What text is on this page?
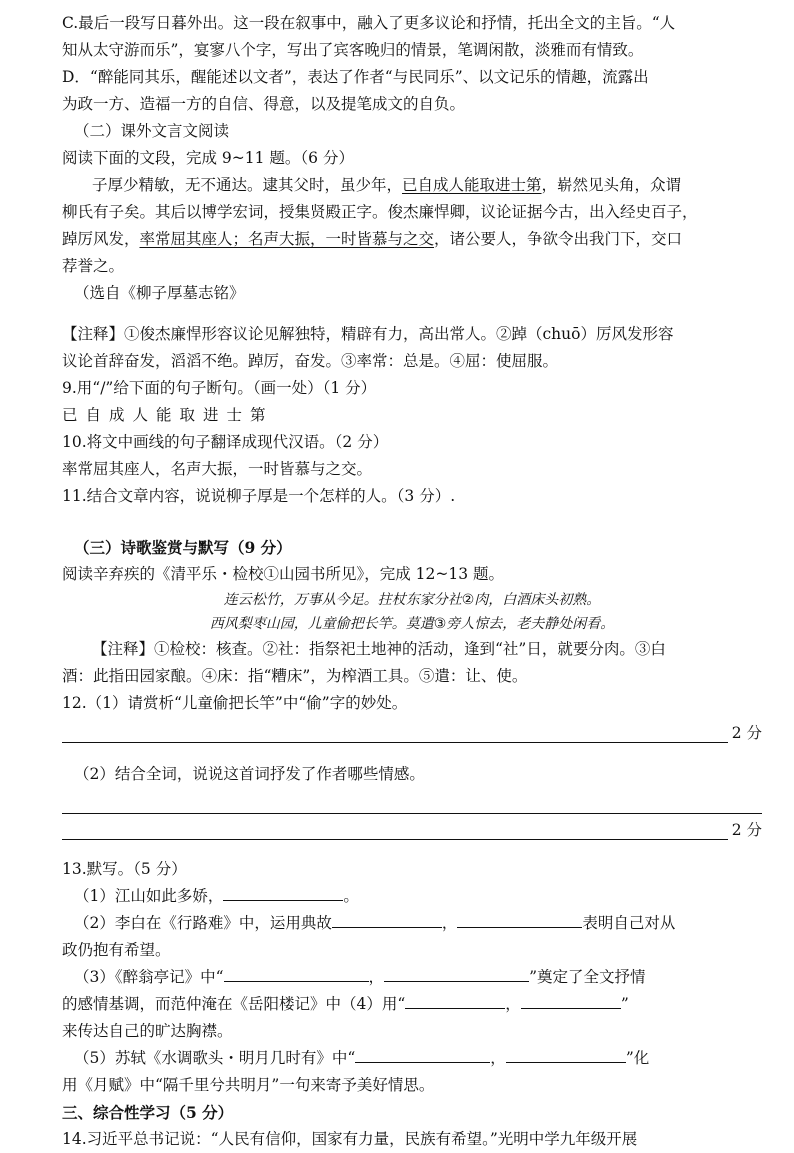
C.最后一段写日暮外出。这一段在叙事中，融入了更多议论和抒情，托出全文的主旨。“人
知从太守游而乐”，宴寥八个字，写出了宾客晚归的情景，笔调闲散，淡雅而有情致。
D．“醉能同其乐，醒能述以文者”，表达了作者“与民同乐”、以文记乐的情趣，流露出
为政一方、造福一方的自信、得意，以及提笔成文的自负。
（二）课外文言文阅读
阅读下面的文段，完成 9~11 题。（6 分）
子厚少精敏，无不通达。逮其父时，虽少年，已自成人能取进士第，崭然见头角，众谓
柳氏有子矣。其后以博学宏词，授集贤殿正字。俊杰廉悍卿，议论证据今古，出入经史百子，
踔厉风发，率常屈其座人；名声大振，一时皆慕与之交，诸公要人，争欲令出我门下，交口
荐誉之。
（选自《柳子厚墓志铭》
【注释】①俊杰廉悍形容议论见解独特，精辟有力，高出常人。②踔（chuō）厉风发形容
议论首辞奋发，滔滔不绝。踔厉，奋发。③率常：总是。④屈：使屈服。
9.用“/”给下面的句子断句。（画一处）（1 分）
已自成人能取进士第
10.将文中画线的句子翻译成现代汉语。（2 分）
率常屈其座人，名声大振，一时皆慕与之交。
11.结合文章内容，说说柳子厚是一个怎样的人。（3 分）.
（三）诗歌鉴赏与默写（9 分）
阅读辛弃疾的《清平乐・检校①山园书所见》，完成 12~13 题。
连云松竹，万事从今足。拄杖东家分社②肉，白酒床头初熟。
西风梨枣山园，儿童偷把长竿。莫遣③旁人惊去，老夫静处闲看。
【注释】①检校：核查。②社：指祭祀土地神的活动，逢到“社”日，就要分肉。③白
酒：此指田园家酿。④床：指“糟床”，为榨酒工具。⑤遣：让、使。
12.（1）请赏析“儿童偷把长竿”中“偷”字的妙处。
2 分
（2）结合全词，说说这首词抒发了作者哪些情感。
2 分
13.默写。（5 分）
（1）江山如此多娇，	。
（2）李白在《行路难》中，运用典故	，	表明自己对从
政仍抱有希望。
（3）《醉翁亭记》中“	，	”奠定了全文抒情
的感情基调，而范仲淹在《岳阳楼记》中（4）用“	，	”
来传达自己的旷达胸襟。
（5）苏轼《水调歌头・明月几时有》中“	，	”化
用《月赋》中“隔千里兮共明月”一句来寄予美好情思。
三、综合性学习（5 分）
14.习近平总书记说：“人民有信仰，国家有力量，民族有希望。”光明中学九年级开展
